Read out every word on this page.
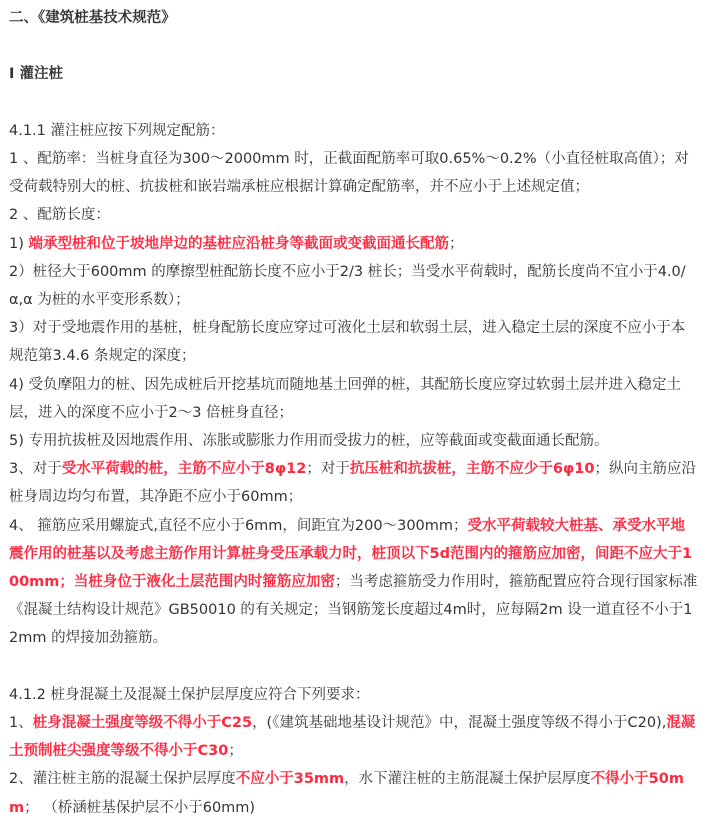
二、《建筑桩基技术规范》

Ⅰ 灌注桩

4.1.1 灌注桩应按下列规定配筋：

1 、配筋率：当桩身直径为300～2000mm 时，正截面配筋率可取0.65%～0.2%（小直径桩取高值）；对受荷载特别大的桩、抗拔桩和嵌岩端承桩应根据计算确定配筋率，并不应小于上述规定值；

2 、配筋长度：

1) 端承型桩和位于坡地岸边的基桩应沿桩身等截面或变截面通长配筋；

2）桩径大于600mm 的摩擦型桩配筋长度不应小于2/3 桩长；当受水平荷载时，配筋长度尚不宜小于4.0/α,α 为桩的水平变形系数）；

3）对于受地震作用的基桩，桩身配筋长度应穿过可液化土层和软弱土层，进入稳定土层的深度不应小于本规范第3.4.6 条规定的深度；

4) 受负摩阻力的桩、因先成桩后开挖基坑而随地基土回弹的桩，其配筋长度应穿过软弱土层并进入稳定土层，进入的深度不应小于2～3 倍桩身直径；

5) 专用抗拔桩及因地震作用、冻胀或膨胀力作用而受拔力的桩，应等截面或变截面通长配筋。

3、对于受水平荷载的桩，主筋不应小于8φ12；对于抗压桩和抗拔桩，主筋不应少于6φ10；纵向主筋应沿桩身周边均匀布置，其净距不应小于60mm；

4、 箍筋应采用螺旋式,直径不应小于6mm，间距宜为200～300mm；受水平荷载较大桩基、承受水平地震作用的桩基以及考虑主筋作用计算桩身受压承载力时，桩顶以下5d范围内的箍筋应加密，间距不应大于100mm；当桩身位于液化土层范围内时箍筋应加密；当考虑箍筋受力作用时，箍筋配置应符合现行国家标准《混凝土结构设计规范》GB50010 的有关规定；当钢筋笼长度超过4m时，应每隔2m 设一道直径不小于12mm 的焊接加劲箍筋。

4.1.2 桩身混凝土及混凝土保护层厚度应符合下列要求：

1、桩身混凝土强度等级不得小于C25，(《建筑基础地基设计规范》中，混凝土强度等级不得小于C20),混凝土预制桩尖强度等级不得小于C30；

2、灌注桩主筋的混凝土保护层厚度不应小于35mm，水下灌注桩的主筋混凝土保护层厚度不得小于50mm； （桥涵桩基保护层不小于60mm)
